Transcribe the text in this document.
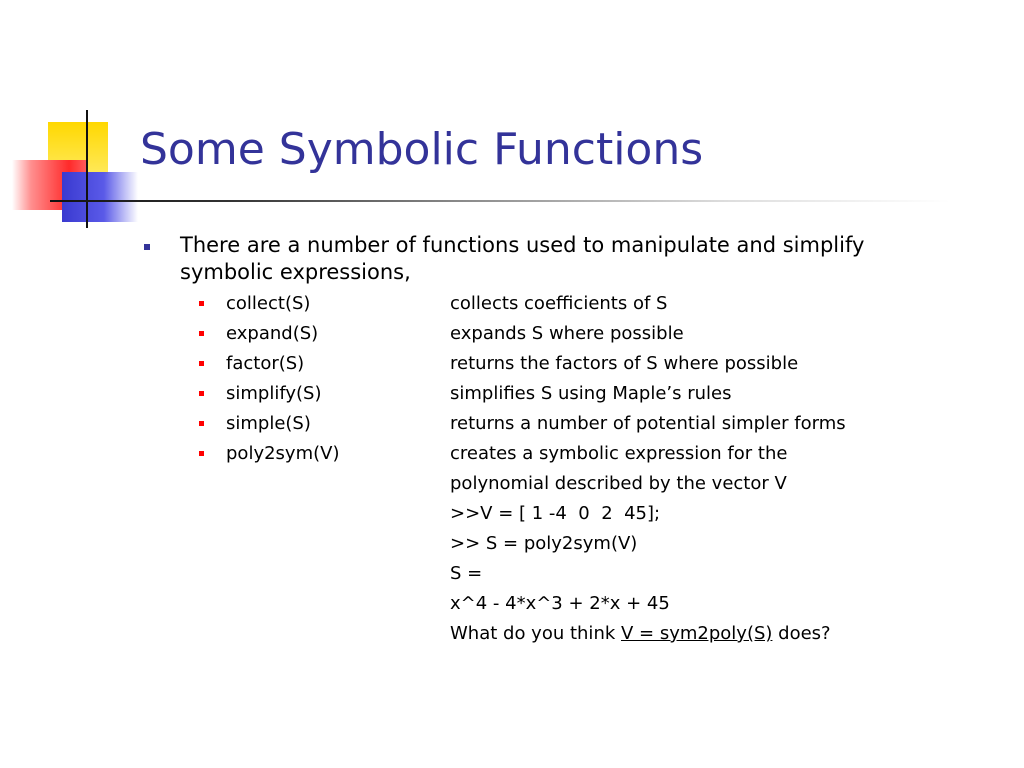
Some Symbolic Functions
There are a number of functions used to manipulate and simplify symbolic expressions,
collect(S)	collects coefficients of S
expand(S)	expands S where possible
factor(S)	returns the factors of S where possible
simplify(S)	simplifies S using Maple’s rules
simple(S)	returns a number of potential simpler forms
poly2sym(V)	creates a symbolic expression for the
polynomial described by the vector V
>>V = [ 1 -4  0  2  45];
>> S = poly2sym(V)
S =
x^4 - 4*x^3 + 2*x + 45
What do you think V = sym2poly(S) does?
